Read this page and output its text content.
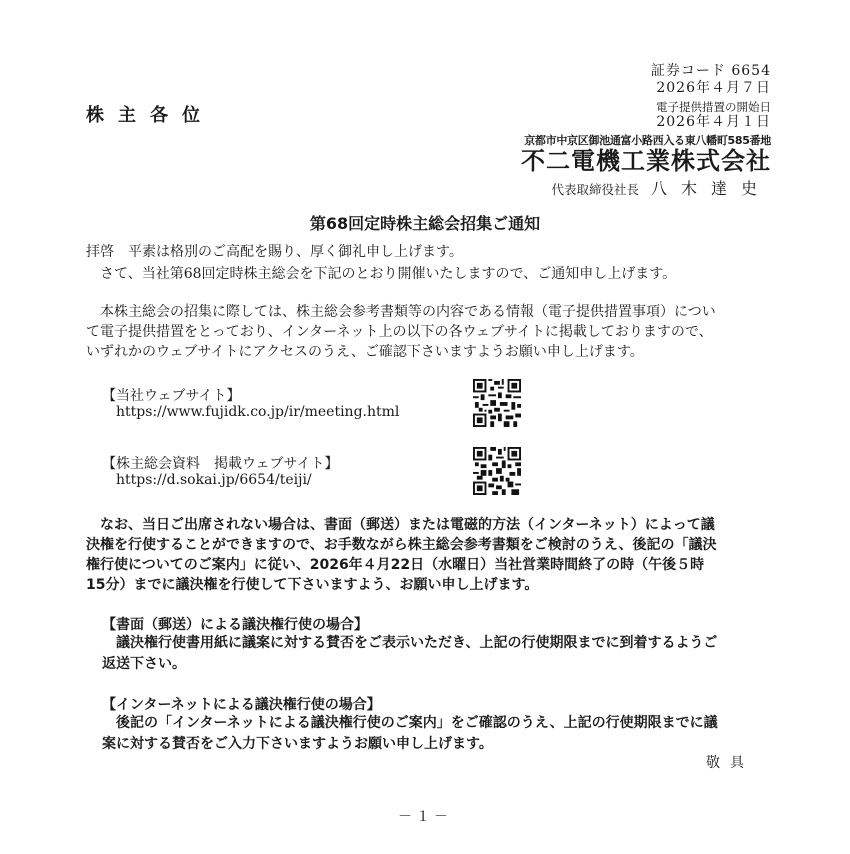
株主各位
証券コード 6654
2026年４月７日
電子提供措置の開始日
2026年４月１日
京都市中京区御池通富小路西入る東八幡町585番地
不二電機工業株式会社
代表取締役社長 八木達史
第68回定時株主総会招集ご通知
拝啓　平素は格別のご高配を賜り、厚く御礼申し上げます。
　さて、当社第68回定時株主総会を下記のとおり開催いたしますので、ご通知申し上げます。
　本株主総会の招集に際しては、株主総会参考書類等の内容である情報（電子提供措置事項）につい
て電子提供措置をとっており、インターネット上の以下の各ウェブサイトに掲載しておりますので、
いずれかのウェブサイトにアクセスのうえ、ご確認下さいますようお願い申し上げます。
【当社ウェブサイト】
https://www.fujidk.co.jp/ir/meeting.html
【株主総会資料　掲載ウェブサイト】
https://d.sokai.jp/6654/teiji/
　なお、当日ご出席されない場合は、書面（郵送）または電磁的方法（インターネット）によって議
決権を行使することができますので、お手数ながら株主総会参考書類をご検討のうえ、後記の「議決
権行使についてのご案内」に従い、2026年４月22日（水曜日）当社営業時間終了の時（午後５時
15分）までに議決権を行使して下さいますよう、お願い申し上げます。
【書面（郵送）による議決権行使の場合】
　議決権行使書用紙に議案に対する賛否をご表示いただき、上記の行使期限までに到着するようご
返送下さい。
【インターネットによる議決権行使の場合】
　後記の「インターネットによる議決権行使のご案内」をご確認のうえ、上記の行使期限までに議
案に対する賛否をご入力下さいますようお願い申し上げます。
敬具
－１－
